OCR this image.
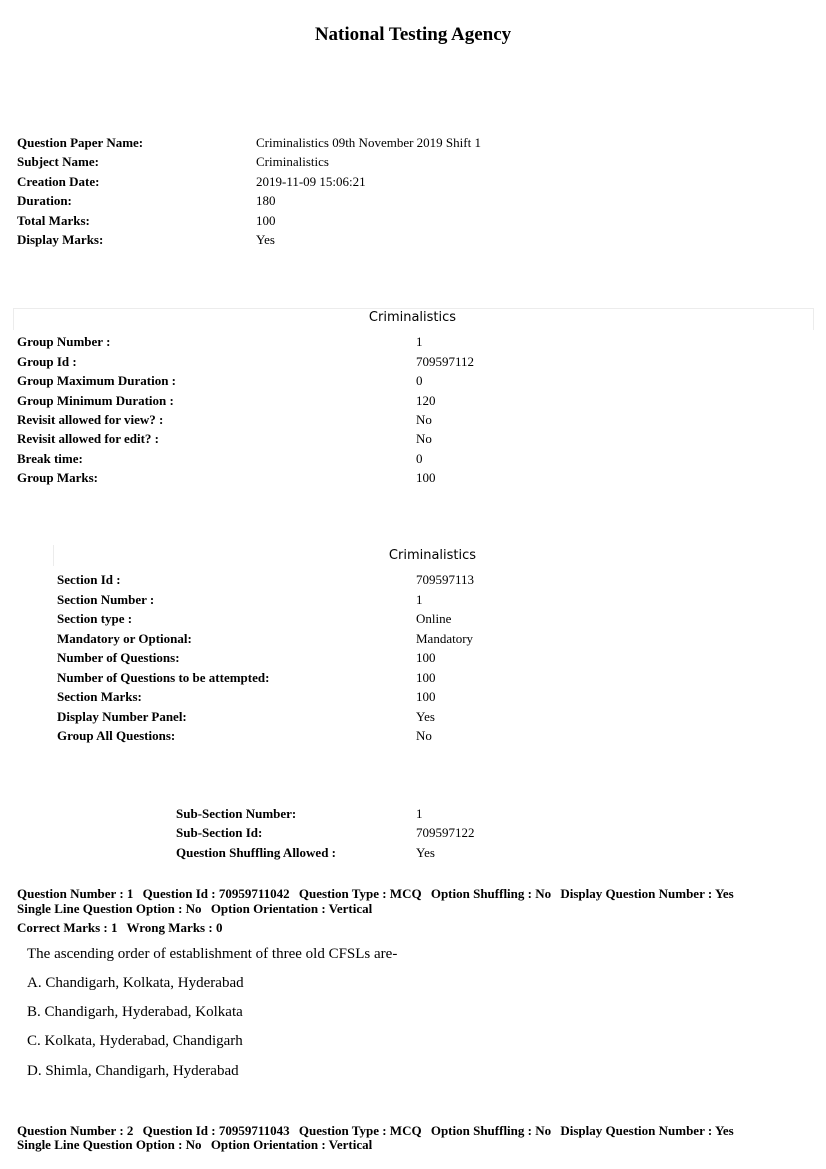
National Testing Agency
Question Paper Name:	Criminalistics 09th November 2019 Shift 1
Subject Name:	Criminalistics
Creation Date:	2019-11-09 15:06:21
Duration:	180
Total Marks:	100
Display Marks:	Yes
Criminalistics
Group Number :	1
Group Id :	709597112
Group Maximum Duration :	0
Group Minimum Duration :	120
Revisit allowed for view? :	No
Revisit allowed for edit? :	No
Break time:	0
Group Marks:	100
Criminalistics
Section Id :	709597113
Section Number :	1
Section type :	Online
Mandatory or Optional:	Mandatory
Number of Questions:	100
Number of Questions to be attempted:	100
Section Marks:	100
Display Number Panel:	Yes
Group All Questions:	No
Sub-Section Number:	1
Sub-Section Id:	709597122
Question Shuffling Allowed :	Yes
Question Number : 1 Question Id : 70959711042 Question Type : MCQ Option Shuffling : No Display Question Number : Yes
Single Line Question Option : No Option Orientation : Vertical
Correct Marks : 1 Wrong Marks : 0
The ascending order of establishment of three old CFSLs are-
A. Chandigarh, Kolkata, Hyderabad
B. Chandigarh, Hyderabad, Kolkata
C. Kolkata, Hyderabad, Chandigarh
D. Shimla, Chandigarh, Hyderabad
Question Number : 2 Question Id : 70959711043 Question Type : MCQ Option Shuffling : No Display Question Number : Yes
Single Line Question Option : No Option Orientation : Vertical
